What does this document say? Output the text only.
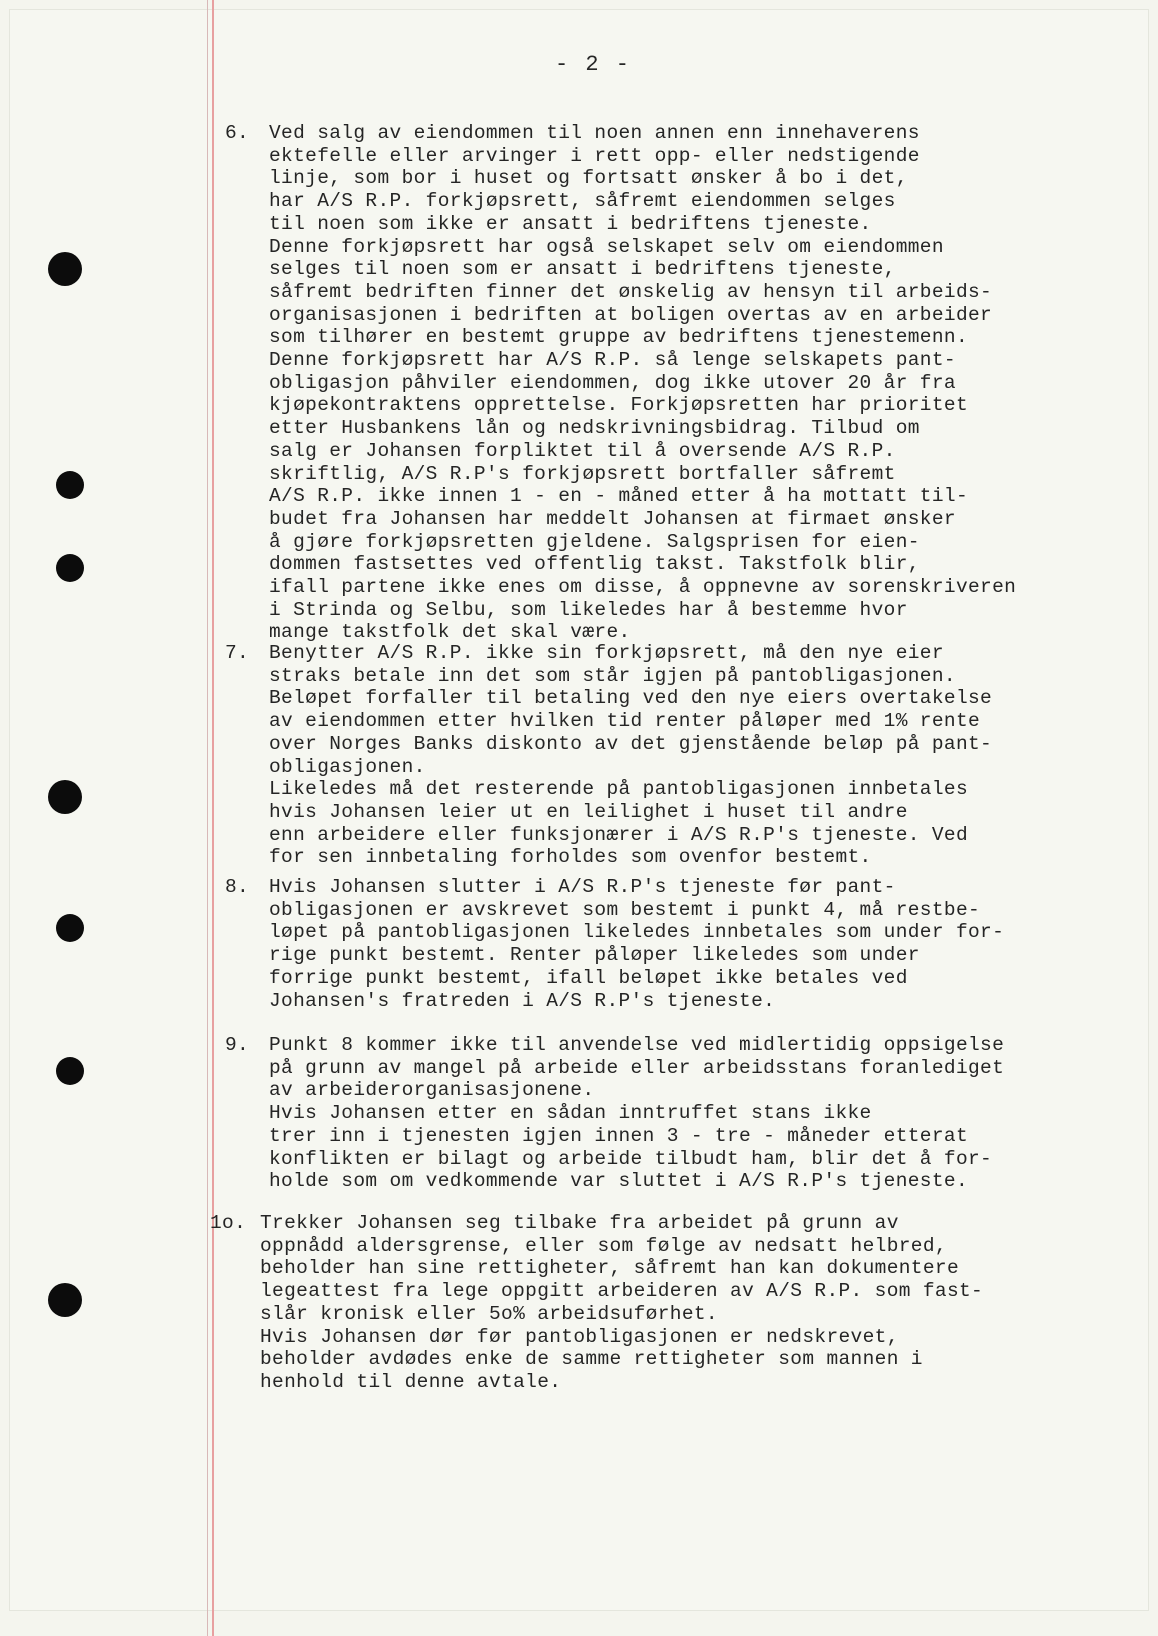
- 2 -
6.	Ved salg av eiendommen til noen annen enn innehaverens
ektefelle eller arvinger i rett opp- eller nedstigende
linje, som bor i huset og fortsatt ønsker å bo i det,
har A/S R.P. forkjøpsrett, såfremt eiendommen selges
til noen som ikke er ansatt i bedriftens tjeneste.
Denne forkjøpsrett har også selskapet selv om eiendommen
selges til noen som er ansatt i bedriftens tjeneste,
såfremt bedriften finner det ønskelig av hensyn til arbeids-
organisasjonen i bedriften at boligen overtas av en arbeider
som tilhører en bestemt gruppe av bedriftens tjenestemenn.
Denne forkjøpsrett har A/S R.P. så lenge selskapets pant-
obligasjon påhviler eiendommen, dog ikke utover 20 år fra
kjøpekontraktens opprettelse. Forkjøpsretten har prioritet
etter Husbankens lån og nedskrivningsbidrag. Tilbud om
salg er Johansen forpliktet til å oversende A/S R.P.
skriftlig, A/S R.P's forkjøpsrett bortfaller såfremt
A/S R.P. ikke innen 1 - en - måned etter å ha mottatt til-
budet fra Johansen har meddelt Johansen at firmaet ønsker
å gjøre forkjøpsretten gjeldene. Salgsprisen for eien-
dommen fastsettes ved offentlig takst. Takstfolk blir,
ifall partene ikke enes om disse, å oppnevne av sorenskriveren
i Strinda og Selbu, som likeledes har å bestemme hvor
mange takstfolk det skal være.
7.	Benytter A/S R.P. ikke sin forkjøpsrett, må den nye eier
straks betale inn det som står igjen på pantobligasjonen.
Beløpet forfaller til betaling ved den nye eiers overtakelse
av eiendommen etter hvilken tid renter påløper med 1% rente
over Norges Banks diskonto av det gjenstående beløp på pant-
obligasjonen.
Likeledes må det resterende på pantobligasjonen innbetales
hvis Johansen leier ut en leilighet i huset til andre
enn arbeidere eller funksjonærer i A/S R.P's tjeneste. Ved
for sen innbetaling forholdes som ovenfor bestemt.
8.	Hvis Johansen slutter i A/S R.P's tjeneste før pant-
obligasjonen er avskrevet som bestemt i punkt 4, må restbe-
løpet på pantobligasjonen likeledes innbetales som under for-
rige punkt bestemt. Renter påløper likeledes som under
forrige punkt bestemt, ifall beløpet ikke betales ved
Johansen's fratreden i A/S R.P's tjeneste.
9.	Punkt 8 kommer ikke til anvendelse ved midlertidig oppsigelse
på grunn av mangel på arbeide eller arbeidsstans foranlediget
av arbeiderorganisasjonene.
Hvis Johansen etter en sådan inntruffet stans ikke
trer inn i tjenesten igjen innen 3 - tre - måneder etterat
konflikten er bilagt og arbeide tilbudt ham, blir det å for-
holde som om vedkommende var sluttet i A/S R.P's tjeneste.
1o. Trekker Johansen seg tilbake fra arbeidet på grunn av
oppnådd aldersgrense, eller som følge av nedsatt helbred,
beholder han sine rettigheter, såfremt han kan dokumentere
legeattest fra lege oppgitt arbeideren av A/S R.P. som fast-
slår kronisk eller 5o% arbeidsuførhet.
Hvis Johansen dør før pantobligasjonen er nedskrevet,
beholder avdødes enke de samme rettigheter som mannen i
henhold til denne avtale.
